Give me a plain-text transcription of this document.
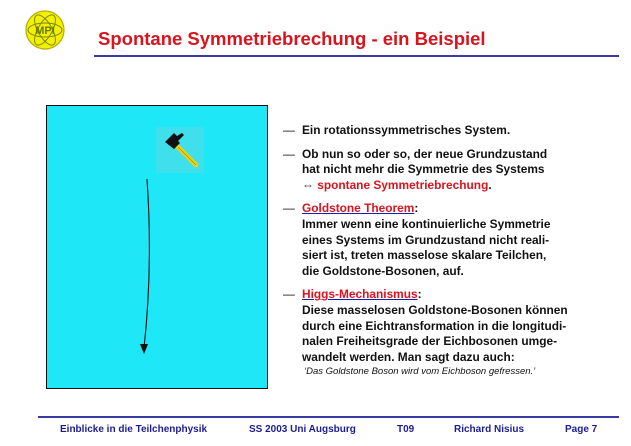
MPI Spontane Symmetriebrechung - ein Beispiel
— Ein rotationssymmetrisches System.
— Ob nun so oder so, der neue Grundzustand
hat nicht mehr die Symmetrie des Systems
⇔ spontane Symmetriebrechung.
— Goldstone Theorem:
Immer wenn eine kontinuierliche Symmetrie
eines Systems im Grundzustand nicht reali-
siert ist, treten masselose skalare Teilchen,
die Goldstone-Bosonen, auf.
— Higgs-Mechanismus:
Diese masselosen Goldstone-Bosonen können
durch eine Eichtransformation in die longitudi-
nalen Freiheitsgrade der Eichbosonen umge-
wandelt werden. Man sagt dazu auch:
‘Das Goldstone Boson wird vom Eichboson gefressen.’
Einblicke in die Teilchenphysik	SS 2003 Uni Augsburg	T09	Richard Nisius	Page 7
